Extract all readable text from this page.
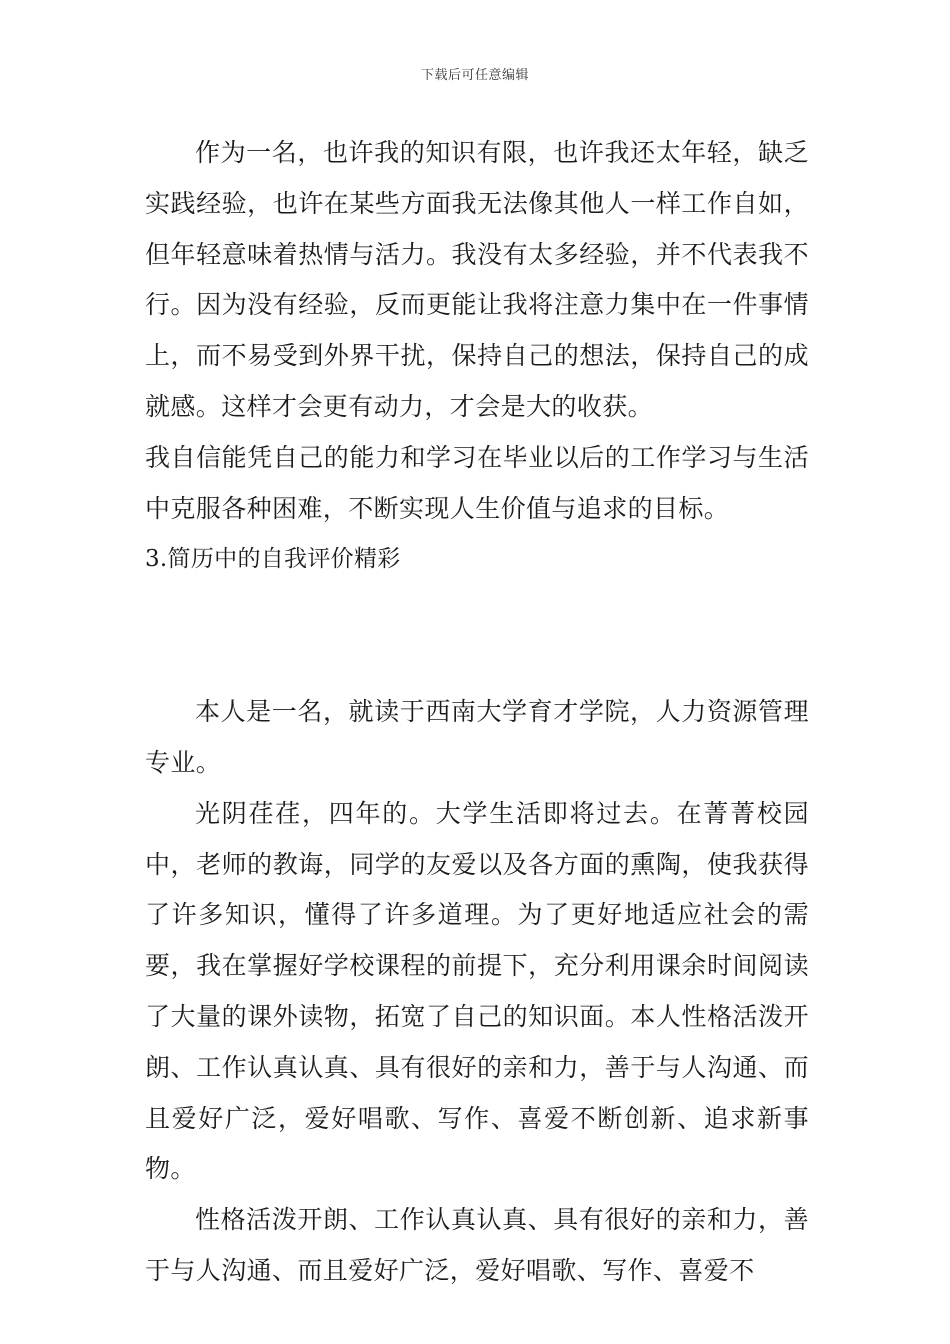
下载后可任意编辑

作为一名，也许我的知识有限，也许我还太年轻，缺乏实践经验，也许在某些方面我无法像其他人一样工作自如，但年轻意味着热情与活力。我没有太多经验，并不代表我不行。因为没有经验，反而更能让我将注意力集中在一件事情上，而不易受到外界干扰，保持自己的想法，保持自己的成就感。这样才会更有动力，才会是大的收获。

我自信能凭自己的能力和学习在毕业以后的工作学习与生活中克服各种困难，不断实现人生价值与追求的目标。

3.简历中的自我评价精彩

本人是一名，就读于西南大学育才学院，人力资源管理专业。

光阴荏荏，四年的。大学生活即将过去。在菁菁校园中，老师的教诲，同学的友爱以及各方面的熏陶，使我获得了许多知识，懂得了许多道理。为了更好地适应社会的需要，我在掌握好学校课程的前提下，充分利用课余时间阅读了大量的课外读物，拓宽了自己的知识面。本人性格活泼开朗、工作认真认真、具有很好的亲和力，善于与人沟通、而且爱好广泛，爱好唱歌、写作、喜爱不断创新、追求新事物。

性格活泼开朗、工作认真认真、具有很好的亲和力，善于与人沟通、而且爱好广泛，爱好唱歌、写作、喜爱不
